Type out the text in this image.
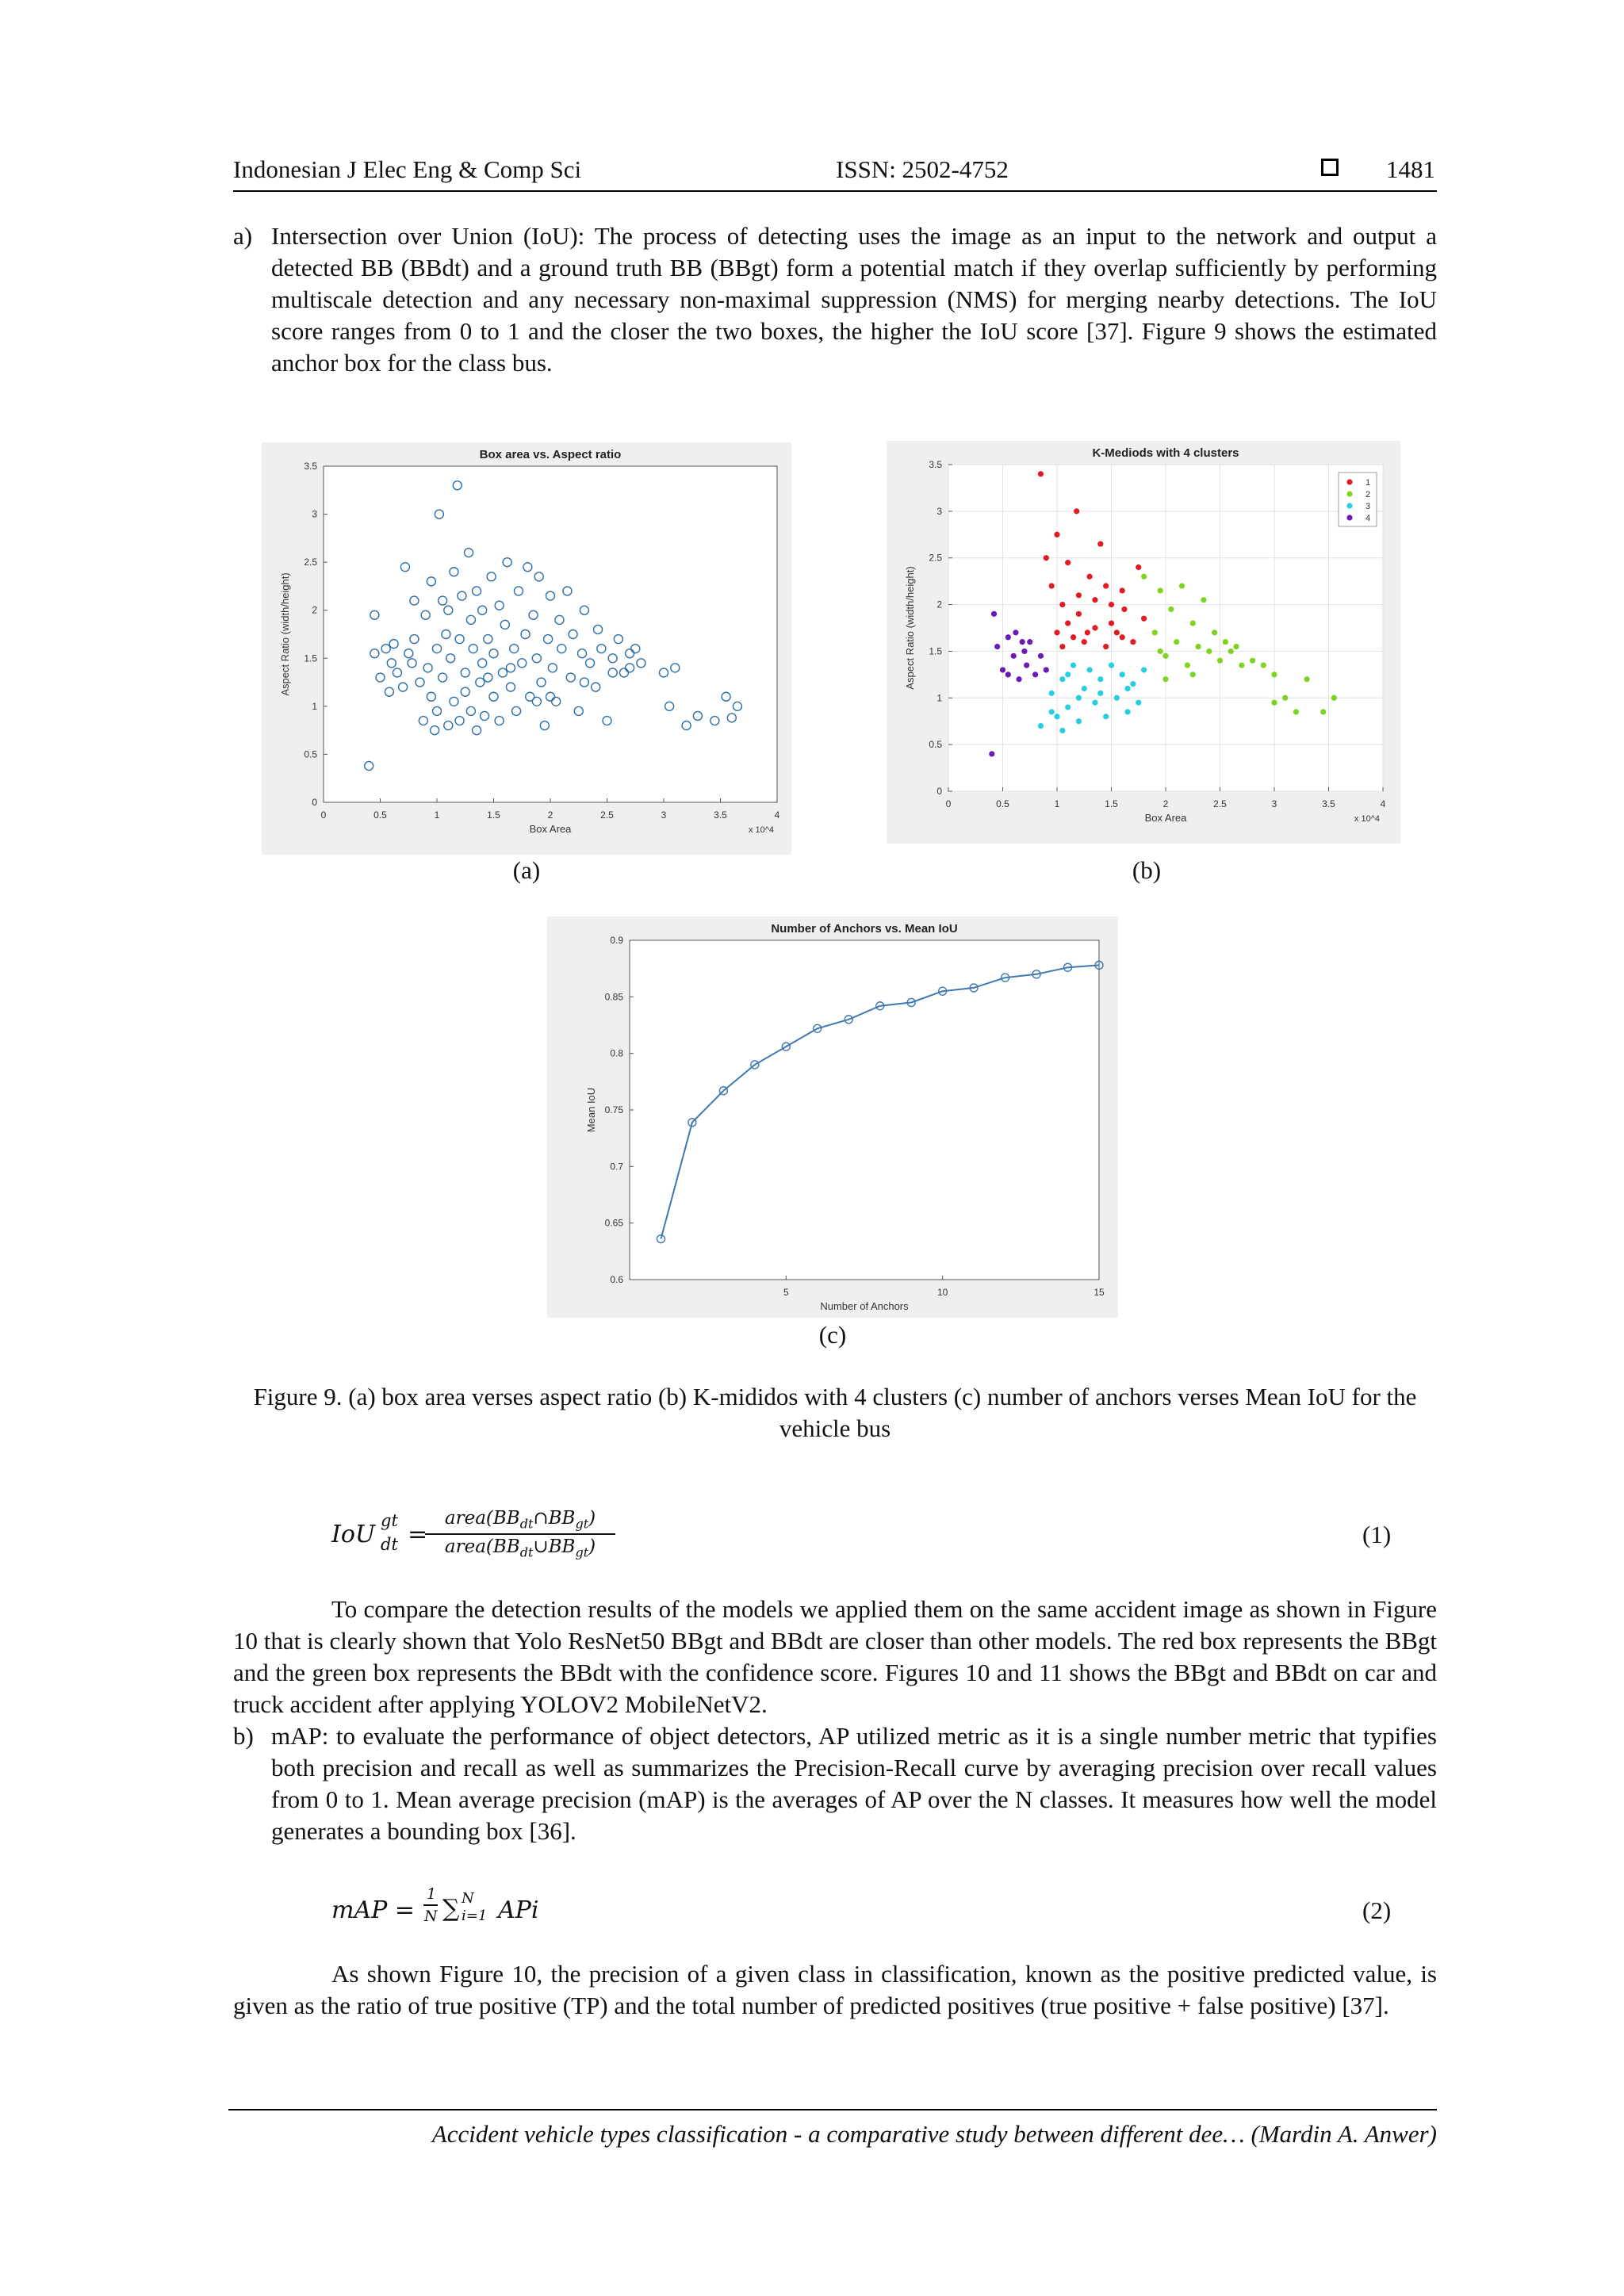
Indonesian J Elec Eng & Comp Sci	ISSN: 2502-4752	1481
a) Intersection over Union (IoU): The process of detecting uses the image as an input to the network and output a detected BB (BBdt) and a ground truth BB (BBgt) form a potential match if they overlap sufficiently by performing multiscale detection and any necessary non-maximal suppression (NMS) for merging nearby detections. The IoU score ranges from 0 to 1 and the closer the two boxes, the higher the IoU score [37]. Figure 9 shows the estimated anchor box for the class bus.
0	0.5	1	1.5	2	2.5	3	3.5	4
0
0.5
1
1.5
2
2.5
3
3.5
Box area vs. Aspect ratio
Box Area
Aspect Ratio (width/height)
x 10^4
(a)
0	0.5	1	1.5	2	2.5	3	3.5	4
0
0.5
1
1.5
2
2.5
3
3.5
K-Mediods with 4 clusters
Box Area
Aspect Ratio (width/height)
x 10^4
1
2
3
4
(b)
5	10	15
0.6
0.65
0.7
0.75
0.8
0.85
0.9
Number of Anchors vs. Mean IoU
Number of Anchors
Mean IoU
(c)
Figure 9. (a) box area verses aspect ratio (b) K-mididos with 4 clusters (c) number of anchors verses Mean IoU for the vehicle bus
IoU gt
dt =
$area(BB_{dt}\cap BB_{gt})$
$area(BB_{dt}\cup BB_{gt})$	(1)
To compare the detection results of the models we applied them on the same accident image as shown in Figure 10 that is clearly shown that Yolo ResNet50 BBgt and BBdt are closer than other models. The red box represents the BBgt and the green box represents the BBdt with the confidence score. Figures 10 and 11 shows the BBgt and BBdt on car and truck accident after applying YOLOV2 MobileNetV2.
b) mAP: to evaluate the performance of object detectors, AP utilized metric as it is a single number metric that typifies both precision and recall as well as summarizes the Precision-Recall curve by averaging precision over recall values from 0 to 1. Mean average precision (mAP) is the averages of AP over the N classes. It measures how well the model generates a bounding box [36].
mAP =
1
N ∑ N
i=1 APi	(2)
As shown Figure 10, the precision of a given class in classification, known as the positive predicted value, is given as the ratio of true positive (TP) and the total number of predicted positives (true positive + false positive) [37].
Accident vehicle types classification - a comparative study between different dee… (Mardin A. Anwer)
